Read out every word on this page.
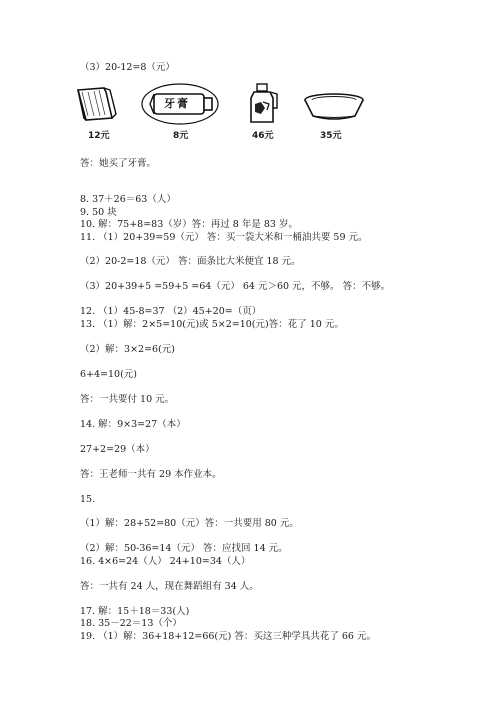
（3）20-12=8（元）
12元
牙膏
8元	46元	35元
答：她买了牙膏。
8. 37＋26＝63（人）
9. 50 块
10. 解：75+8=83（岁）答：再过 8 年是 83 岁。
11. （1）20+39=59（元） 答：买一袋大米和一桶油共要 59 元。
（2）20-2=18（元） 答：面条比大米便宜 18 元。
（3）20+39+5 =59+5 =64（元） 64 元＞60 元，不够。 答：不够。
12. （1）45-8=37 （2）45+20=（页）
13. （1）解：2×5=10(元)或 5×2=10(元)答：花了 10 元。
（2）解：3×2=6(元)
6+4=10(元)
答：一共要付 10 元。
14. 解：9×3=27（本）
27+2=29（本）
答：王老师一共有 29 本作业本。
15.
（1）解：28+52=80（元）答：一共要用 80 元。
（2）解：50-36=14（元） 答：应找回 14 元。
16. 4×6=24（人） 24+10=34（人）
答：一共有 24 人，现在舞蹈组有 34 人。
17. 解：15＋18＝33(人)
18. 35－22＝13（个）
19. （1）解：36+18+12=66(元) 答：买这三种学具共花了 66 元。
